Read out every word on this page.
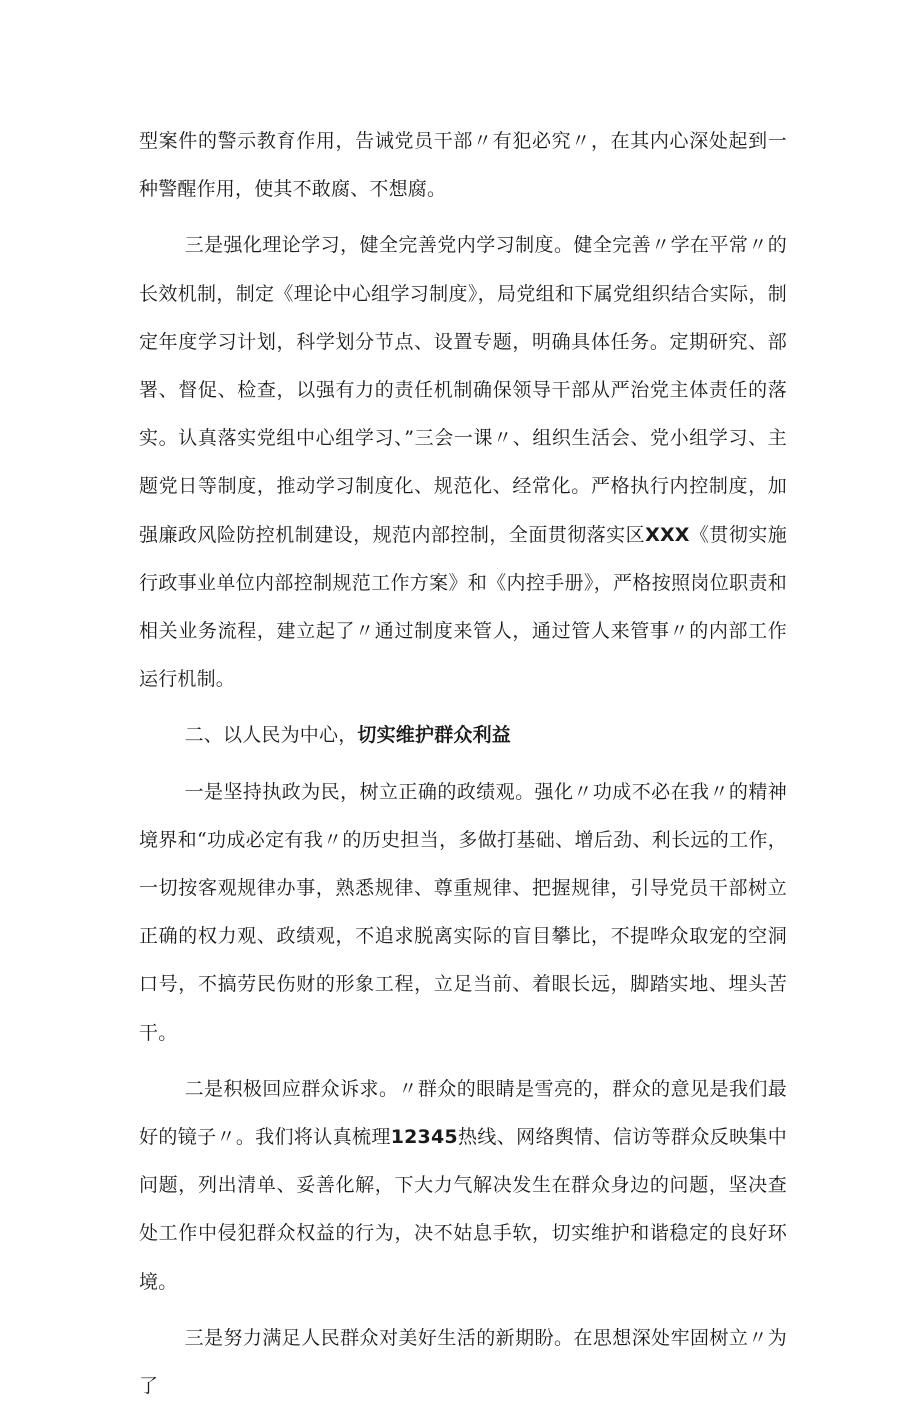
型案件的警示教育作用，告诫党员干部〃有犯必究〃，在其内心深处起到一种警醒作用，使其不敢腐、不想腐。

三是强化理论学习，健全完善党内学习制度。健全完善〃学在平常〃的长效机制，制定《理论中心组学习制度》，局党组和下属党组织结合实际，制定年度学习计划，科学划分节点、设置专题，明确具体任务。定期研究、部署、督促、检查，以强有力的责任机制确保领导干部从严治党主体责任的落实。认真落实党组中心组学习、”三会一课〃、组织生活会、党小组学习、主题党日等制度，推动学习制度化、规范化、经常化。严格执行内控制度，加强廉政风险防控机制建设，规范内部控制，全面贯彻落实区XXX《贯彻实施行政事业单位内部控制规范工作方案》和《内控手册》，严格按照岗位职责和相关业务流程，建立起了〃通过制度来管人，通过管人来管事〃的内部工作运行机制。

二、以人民为中心，切实维护群众利益

一是坚持执政为民，树立正确的政绩观。强化〃功成不必在我〃的精神境界和“功成必定有我〃的历史担当，多做打基础、增后劲、利长远的工作，一切按客观规律办事，熟悉规律、尊重规律、把握规律，引导党员干部树立正确的权力观、政绩观，不追求脱离实际的盲目攀比，不提哗众取宠的空洞口号，不搞劳民伤财的形象工程，立足当前、着眼长远，脚踏实地、埋头苦干。

二是积极回应群众诉求。〃群众的眼睛是雪亮的，群众的意见是我们最好的镜子〃。我们将认真梳理12345热线、网络舆情、信访等群众反映集中问题，列出清单、妥善化解，下大力气解决发生在群众身边的问题，坚决查处工作中侵犯群众权益的行为，决不姑息手软，切实维护和谐稳定的良好环境。

三是努力满足人民群众对美好生活的新期盼。在思想深处牢固树立〃为了
